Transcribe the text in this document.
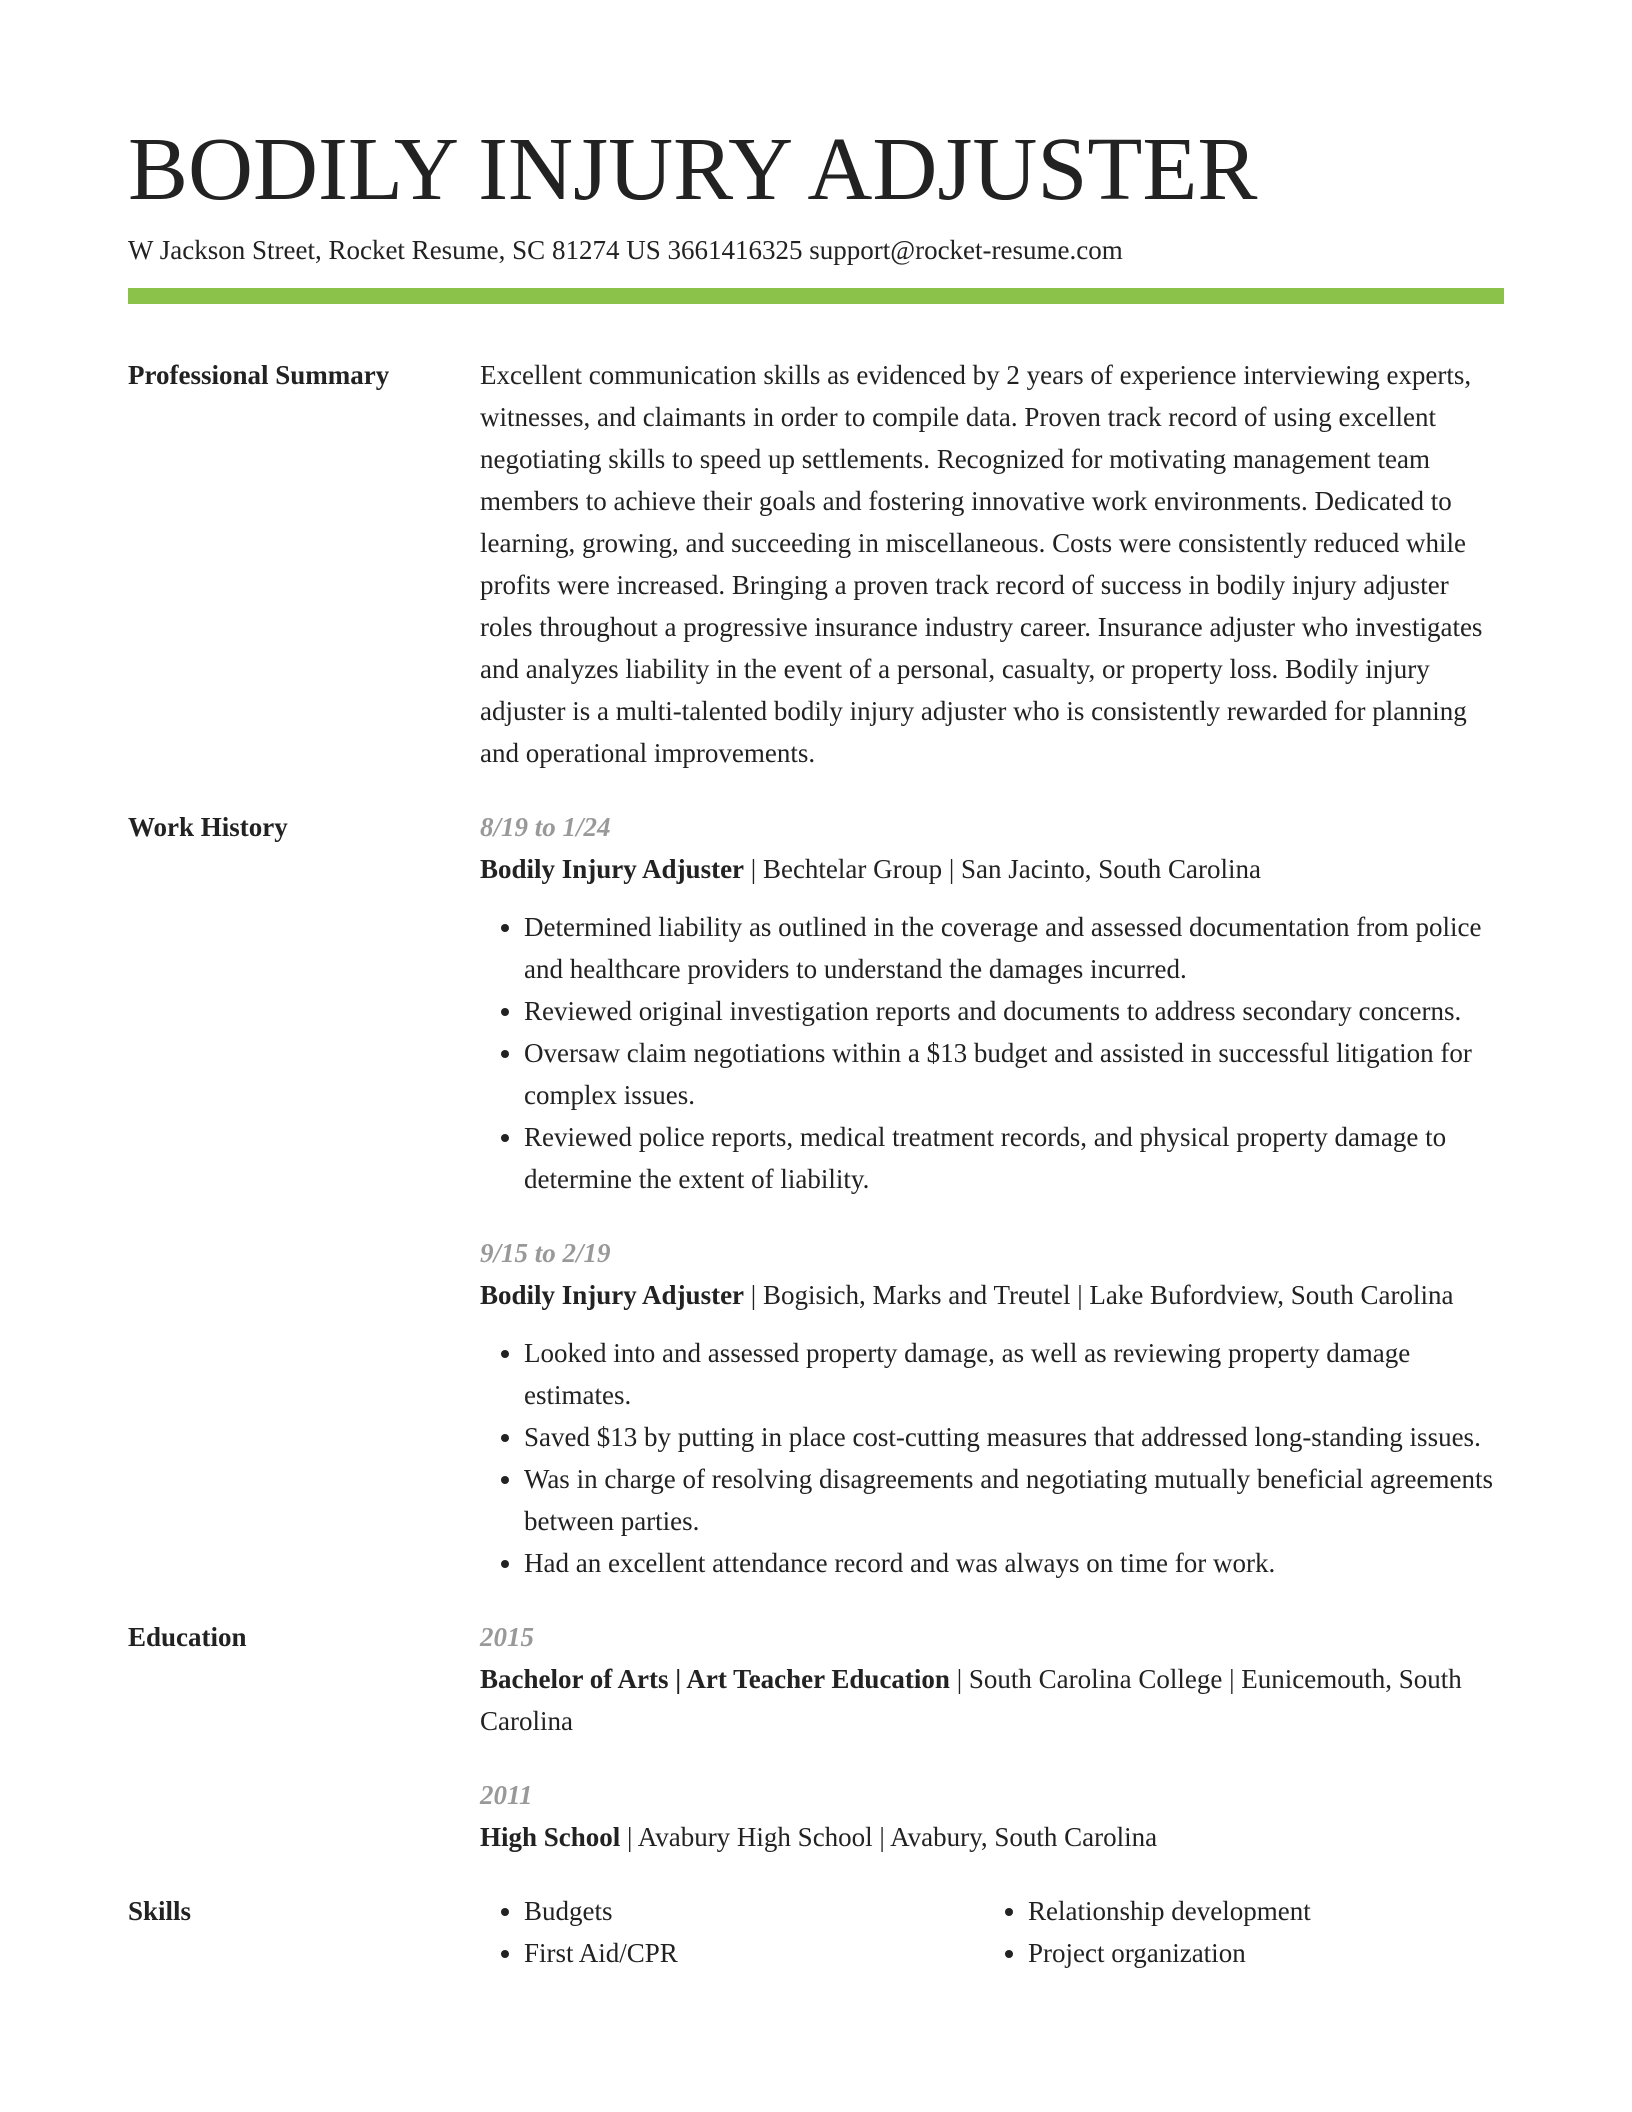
BODILY INJURY ADJUSTER
W Jackson Street, Rocket Resume, SC 81274 US 3661416325 support@rocket-resume.com
Professional Summary	Excellent communication skills as evidenced by 2 years of experience interviewing experts, witnesses, and claimants in order to compile data. Proven track record of using excellent negotiating skills to speed up settlements. Recognized for motivating management team members to achieve their goals and fostering innovative work environments. Dedicated to learning, growing, and succeeding in miscellaneous. Costs were consistently reduced while profits were increased. Bringing a proven track record of success in bodily injury adjuster roles throughout a progressive insurance industry career. Insurance adjuster who investigates and analyzes liability in the event of a personal, casualty, or property loss. Bodily injury adjuster is a multi-talented bodily injury adjuster who is consistently rewarded for planning and operational improvements.

Work History	8/19 to 1/24

Bodily Injury Adjuster | Bechtelar Group | San Jacinto, South Carolina

• Determined liability as outlined in the coverage and assessed documentation from police and healthcare providers to understand the damages incurred.
• Reviewed original investigation reports and documents to address secondary concerns.
• Oversaw claim negotiations within a $13 budget and assisted in successful litigation for complex issues.
• Reviewed police reports, medical treatment records, and physical property damage to determine the extent of liability.
9/15 to 2/19

Bodily Injury Adjuster | Bogisich, Marks and Treutel | Lake Bufordview, South Carolina

• Looked into and assessed property damage, as well as reviewing property damage estimates.
• Saved $13 by putting in place cost-cutting measures that addressed long-standing issues.
• Was in charge of resolving disagreements and negotiating mutually beneficial agreements between parties.
• Had an excellent attendance record and was always on time for work.
Education	2015

Bachelor of Arts | Art Teacher Education | South Carolina College | Eunicemouth, South Carolina

2011

High School | Avabury High School | Avabury, South Carolina

Skills
•	Budgets
• First Aid/CPR
• Relationship development
• Project organization
